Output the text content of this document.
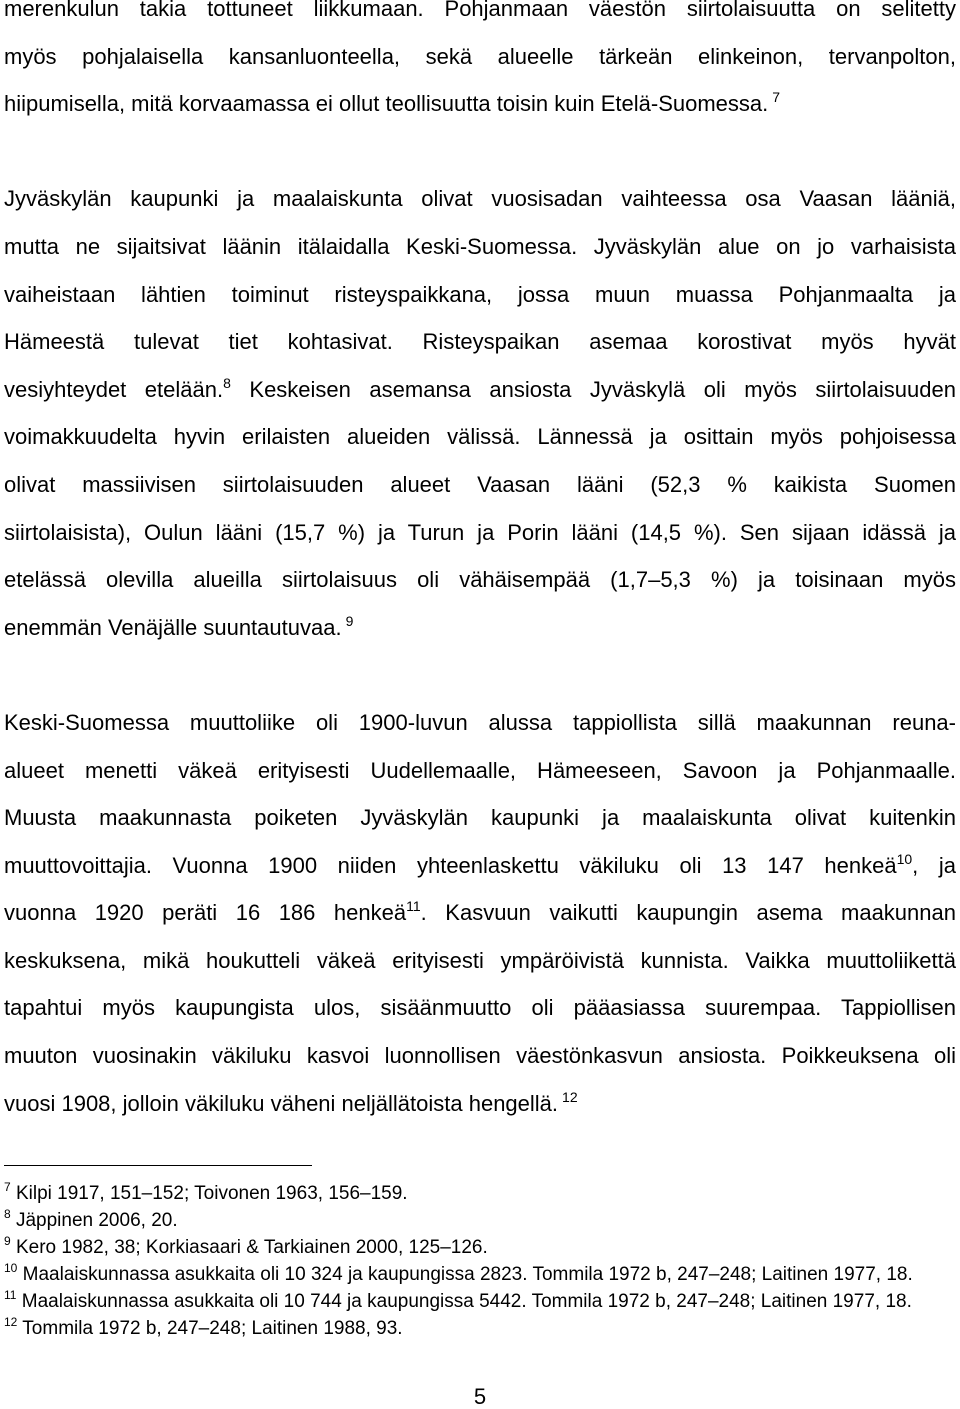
merenkulun takia tottuneet liikkumaan. Pohjanmaan väestön siirtolaisuutta on selitetty
myös pohjalaisella kansanluonteella, sekä alueelle tärkeän elinkeinon, tervanpolton,
hiipumisella, mitä korvaamassa ei ollut teollisuutta toisin kuin Etelä-Suomessa. $^7$
Jyväskylän kaupunki ja maalaiskunta olivat vuosisadan vaihteessa osa Vaasan lääniä,
mutta ne sijaitsivat läänin itälaidalla Keski-Suomessa. Jyväskylän alue on jo varhaisista
vaiheistaan lähtien toiminut risteyspaikkana, jossa muun muassa Pohjanmaalta ja
Hämeestä tulevat tiet kohtasivat. Risteyspaikan asemaa korostivat myös hyvät
vesiyhteydet etelään.$^8$ Keskeisen asemansa ansiosta Jyväskylä oli myös siirtolaisuuden
voimakkuudelta hyvin erilaisten alueiden välissä. Lännessä ja osittain myös pohjoisessa
olivat massiivisen siirtolaisuuden alueet Vaasan lääni (52,3 % kaikista Suomen
siirtolaisista), Oulun lääni (15,7 %) ja Turun ja Porin lääni (14,5 %). Sen sijaan idässä ja
etelässä olevilla alueilla siirtolaisuus oli vähäisempää (1,7–5,3 %) ja toisinaan myös
enemmän Venäjälle suuntautuvaa. $^9$
Keski-Suomessa muuttoliike oli 1900-luvun alussa tappiollista sillä maakunnan reuna-
alueet menetti väkeä erityisesti Uudellemaalle, Hämeeseen, Savoon ja Pohjanmaalle.
Muusta maakunnasta poiketen Jyväskylän kaupunki ja maalaiskunta olivat kuitenkin
muuttovoittajia. Vuonna 1900 niiden yhteenlaskettu väkiluku oli 13 147 henkeä$^{10}$, ja
vuonna 1920 peräti 16 186 henkeä$^{11}$. Kasvuun vaikutti kaupungin asema maakunnan
keskuksena, mikä houkutteli väkeä erityisesti ympäröivistä kunnista. Vaikka muuttoliikettä
tapahtui myös kaupungista ulos, sisäänmuutto oli pääasiassa suurempaa. Tappiollisen
muuton vuosinakin väkiluku kasvoi luonnollisen väestönkasvun ansiosta. Poikkeuksena oli
vuosi 1908, jolloin väkiluku väheni neljällätoista hengellä. $^{12}$
$^7$ Kilpi 1917, 151–152; Toivonen 1963, 156–159.
$^8$ Jäppinen 2006, 20.
$^9$ Kero 1982, 38; Korkiasaari & Tarkiainen 2000, 125–126.
$^{10}$ Maalaiskunnassa asukkaita oli 10 324 ja kaupungissa 2823. Tommila 1972 b, 247–248; Laitinen 1977, 18.
$^{11}$ Maalaiskunnassa asukkaita oli 10 744 ja kaupungissa 5442. Tommila 1972 b, 247–248; Laitinen 1977, 18.
$^{12}$ Tommila 1972 b, 247–248; Laitinen 1988, 93.
5
